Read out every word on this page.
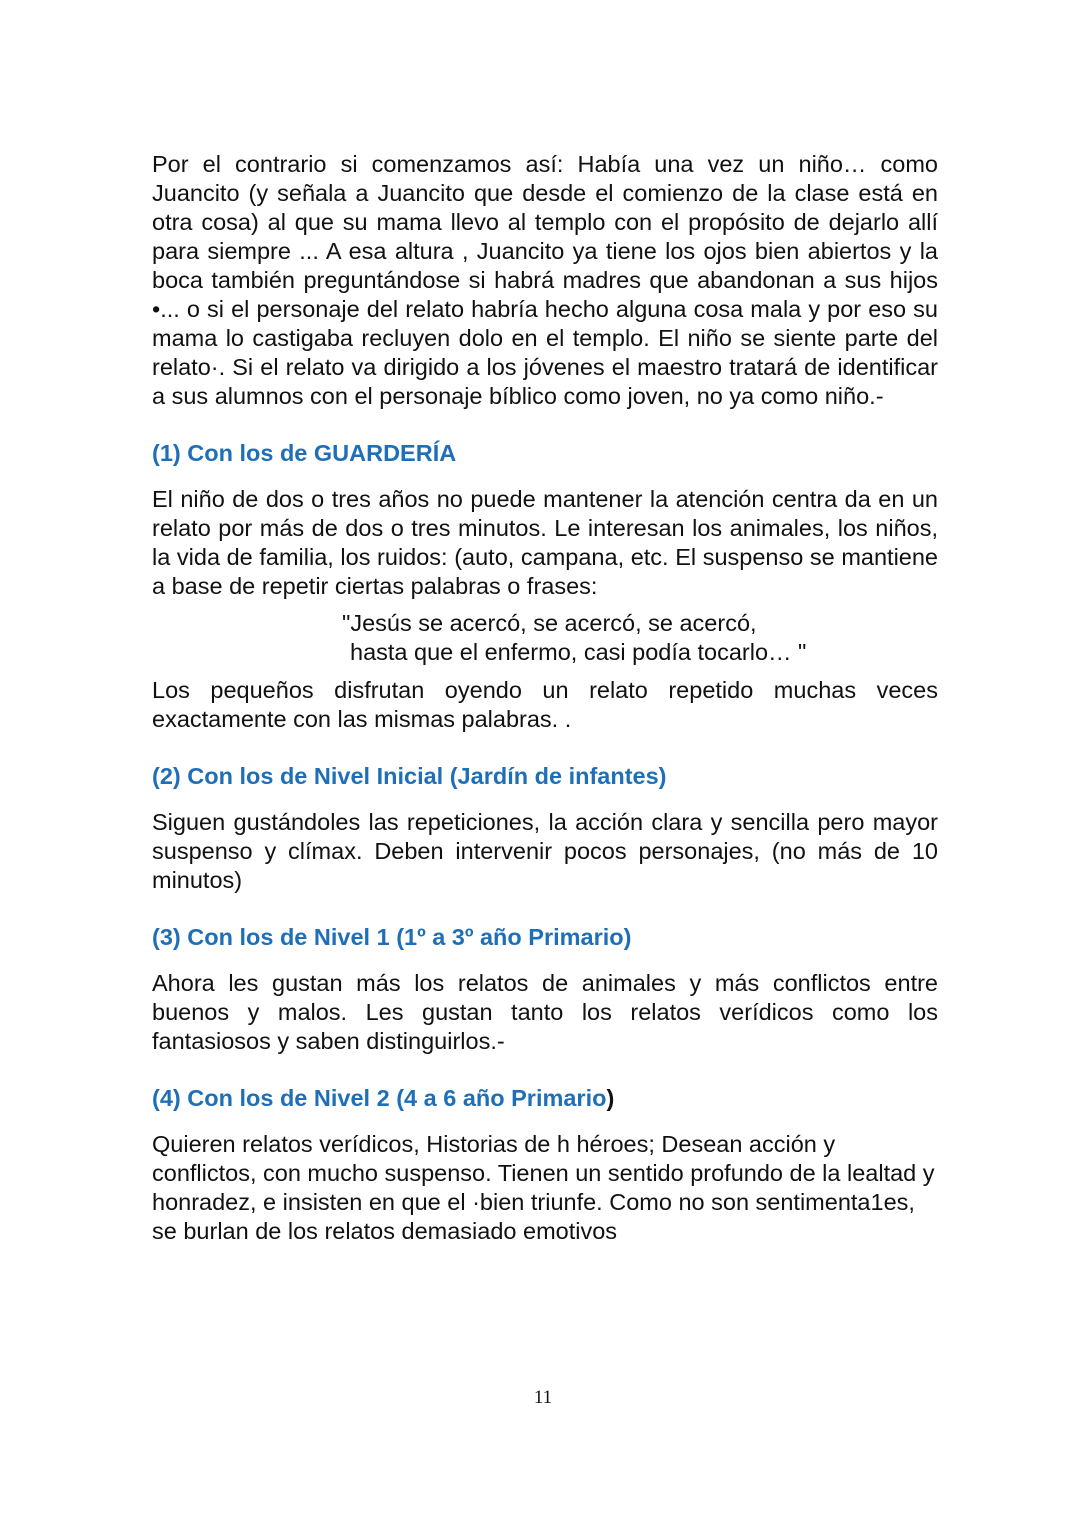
Por el contrario si comenzamos así: Había una vez un niño… como Juancito (y señala a Juancito que desde el comienzo de la clase está en otra cosa) al que su mama llevo al templo con el propósito de dejarlo allí para siempre ... A esa altura , Juancito ya tiene los ojos bien abiertos y la boca también preguntándose si habrá madres que abandonan a sus hijos •... o si el personaje del relato habría hecho alguna cosa mala y por eso su mama lo castigaba recluyen dolo en el templo. El niño se siente parte del relato·. Si el relato va dirigido a los jóvenes el maestro tratará de identificar a sus alumnos con el personaje bíblico como joven, no ya como niño.-

(1) Con los de GUARDERÍA

El niño de dos o tres años no puede mantener la atención centra da en un relato por más de dos o tres minutos. Le interesan los animales, los niños, la vida de familia, los ruidos: (auto, campana, etc. El suspenso se mantiene a base de repetir ciertas palabras o frases:

"Jesús se acercó, se acercó, se acercó,
hasta que el enfermo, casi podía tocarlo… "

Los pequeños disfrutan oyendo un relato repetido muchas veces exactamente con las mismas palabras. .

(2) Con los de Nivel Inicial (Jardín de infantes)

Siguen gustándoles las repeticiones, la acción clara y sencilla pero mayor suspenso y clímax. Deben intervenir pocos personajes, (no más de 10 minutos)

(3) Con los de Nivel 1 (1º a 3º año Primario)

Ahora les gustan más los relatos de animales y más conflictos entre buenos y malos. Les gustan tanto los relatos verídicos como los fantasiosos y saben distinguirlos.-

(4) Con los de Nivel 2 (4 a 6 año Primario)

Quieren relatos verídicos, Historias de h héroes; Desean acción y conflictos, con mucho suspenso. Tienen un sentido profundo de la lealtad y honradez, e insisten en que el ·bien triunfe. Como no son sentimenta1es, se burlan de los relatos demasiado emotivos

11
